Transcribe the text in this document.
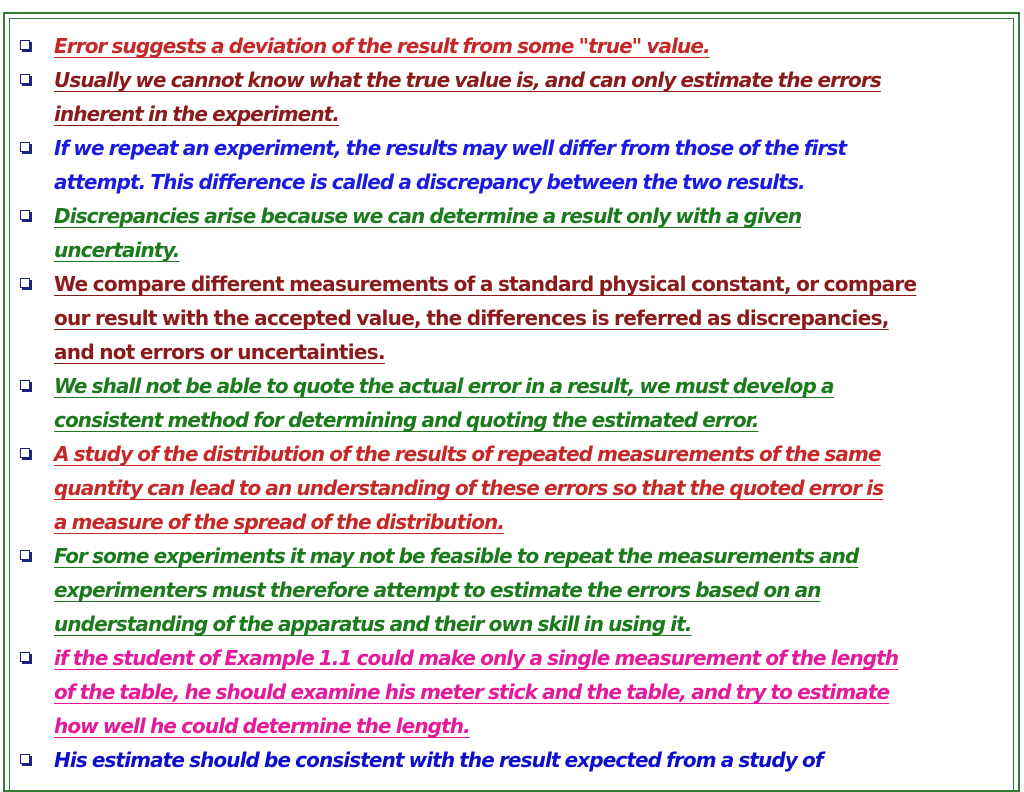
Error suggests a deviation of the result from some "true" value.
Usually we cannot know what the true value is, and can only estimate the errors
inherent in the experiment.
If we repeat an experiment, the results may well differ from those of the first
attempt. This difference is called a discrepancy between the two results.
Discrepancies arise because we can determine a result only with a given
uncertainty.
We compare different measurements of a standard physical constant, or compare
our result with the accepted value, the differences is referred as discrepancies,
and not errors or uncertainties.
We shall not be able to quote the actual error in a result, we must develop a
consistent method for determining and quoting the estimated error.
A study of the distribution of the results of repeated measurements of the same
quantity can lead to an understanding of these errors so that the quoted error is
a measure of the spread of the distribution.
For some experiments it may not be feasible to repeat the measurements and
experimenters must therefore attempt to estimate the errors based on an
understanding of the apparatus and their own skill in using it.
if the student of Example 1.1 could make only a single measurement of the length
of the table, he should examine his meter stick and the table, and try to estimate
how well he could determine the length.
His estimate should be consistent with the result expected from a study of
